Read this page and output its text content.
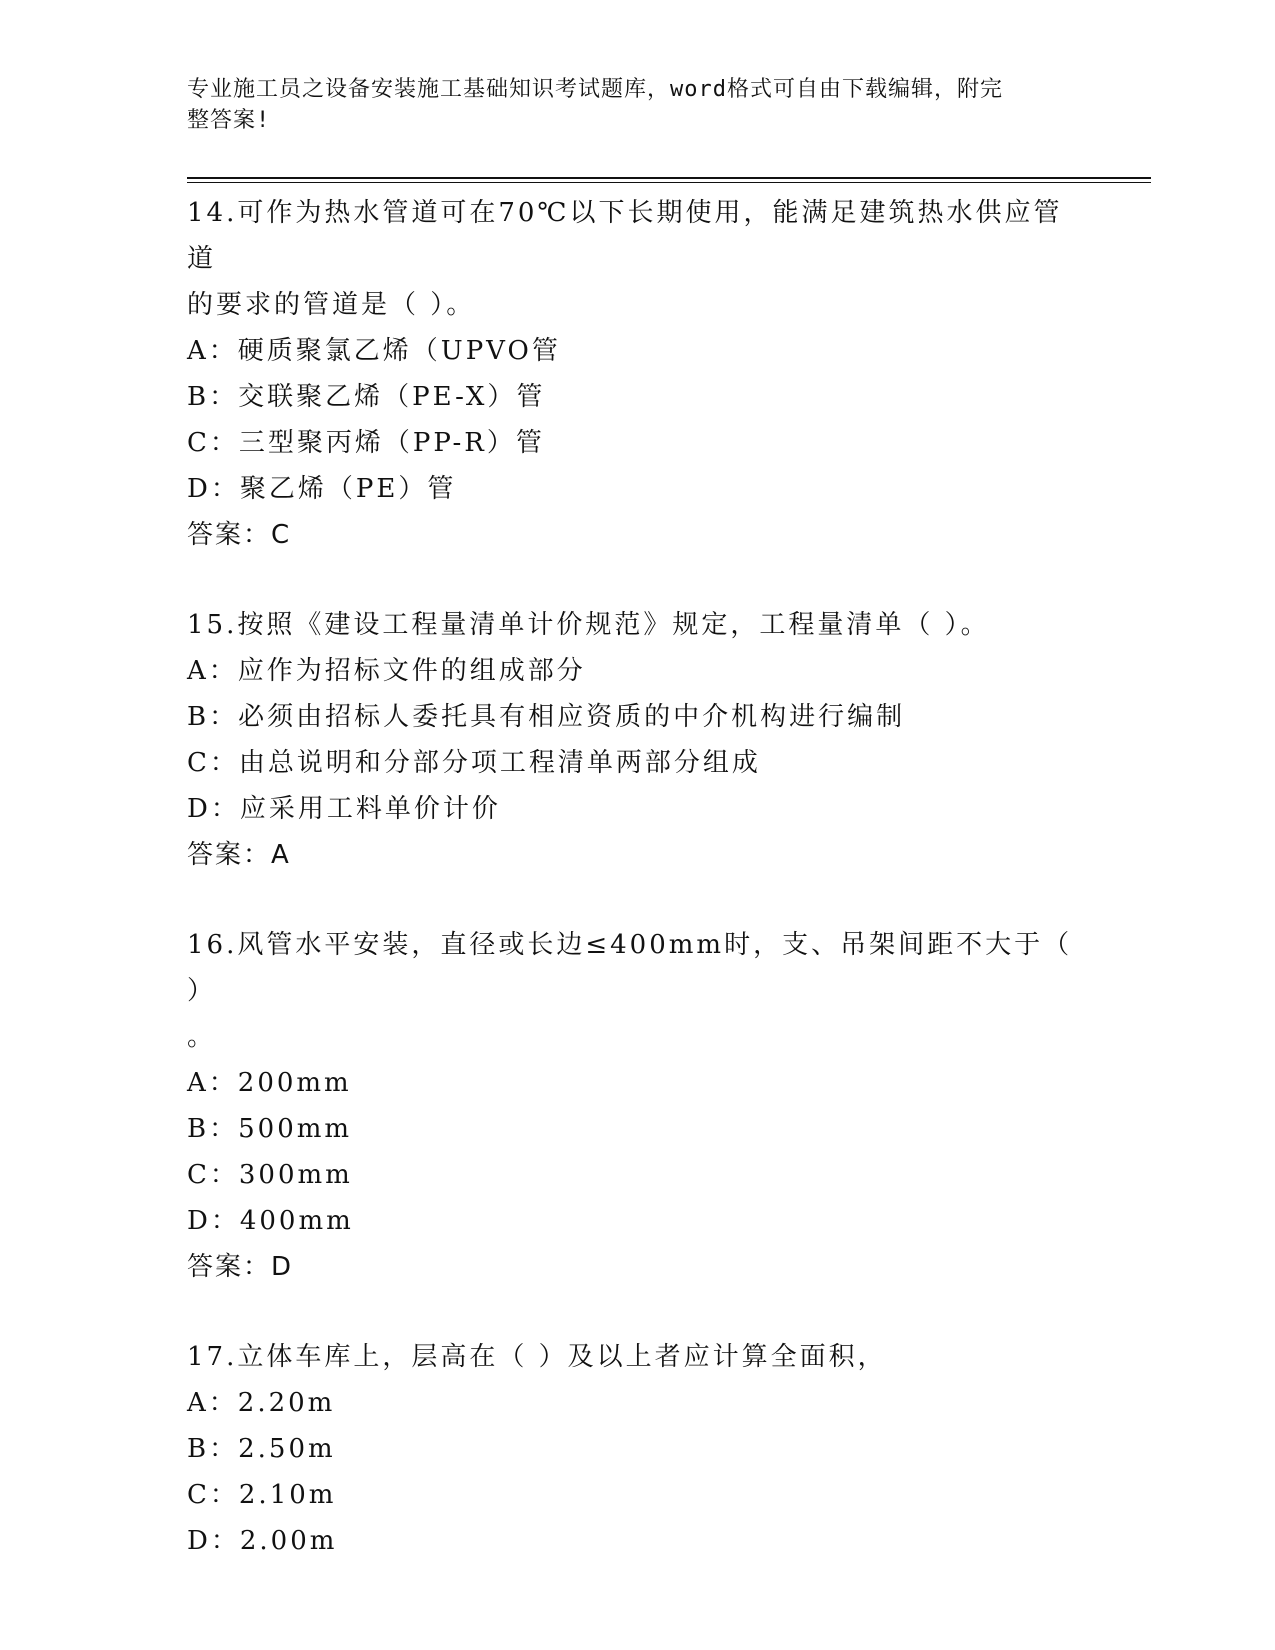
专业施工员之设备安装施工基础知识考试题库，word格式可自由下载编辑，附完
整答案!

14.可作为热水管道可在70℃以下长期使用，能满足建筑热水供应管道

的要求的管道是（ ）。

A：硬质聚氯乙烯（UPVO管

B：交联聚乙烯（PE-X）管

C：三型聚丙烯（PP-R）管

D：聚乙烯（PE）管

答案：C

15.按照《建设工程量清单计价规范》规定，工程量清单（ ）。

A：应作为招标文件的组成部分

B：必须由招标人委托具有相应资质的中介机构进行编制

C：由总说明和分部分项工程清单两部分组成

D：应采用工料单价计价

答案：A

16.风管水平安装，直径或长边≤400mm时，支、吊架间距不大于（ ）

。

A：200mm

B：500mm

C：300mm

D：400mm

答案：D

17.立体车库上，层高在（ ）及以上者应计算全面积，

A：2.20m

B：2.50m

C：2.10m

D：2.00m
